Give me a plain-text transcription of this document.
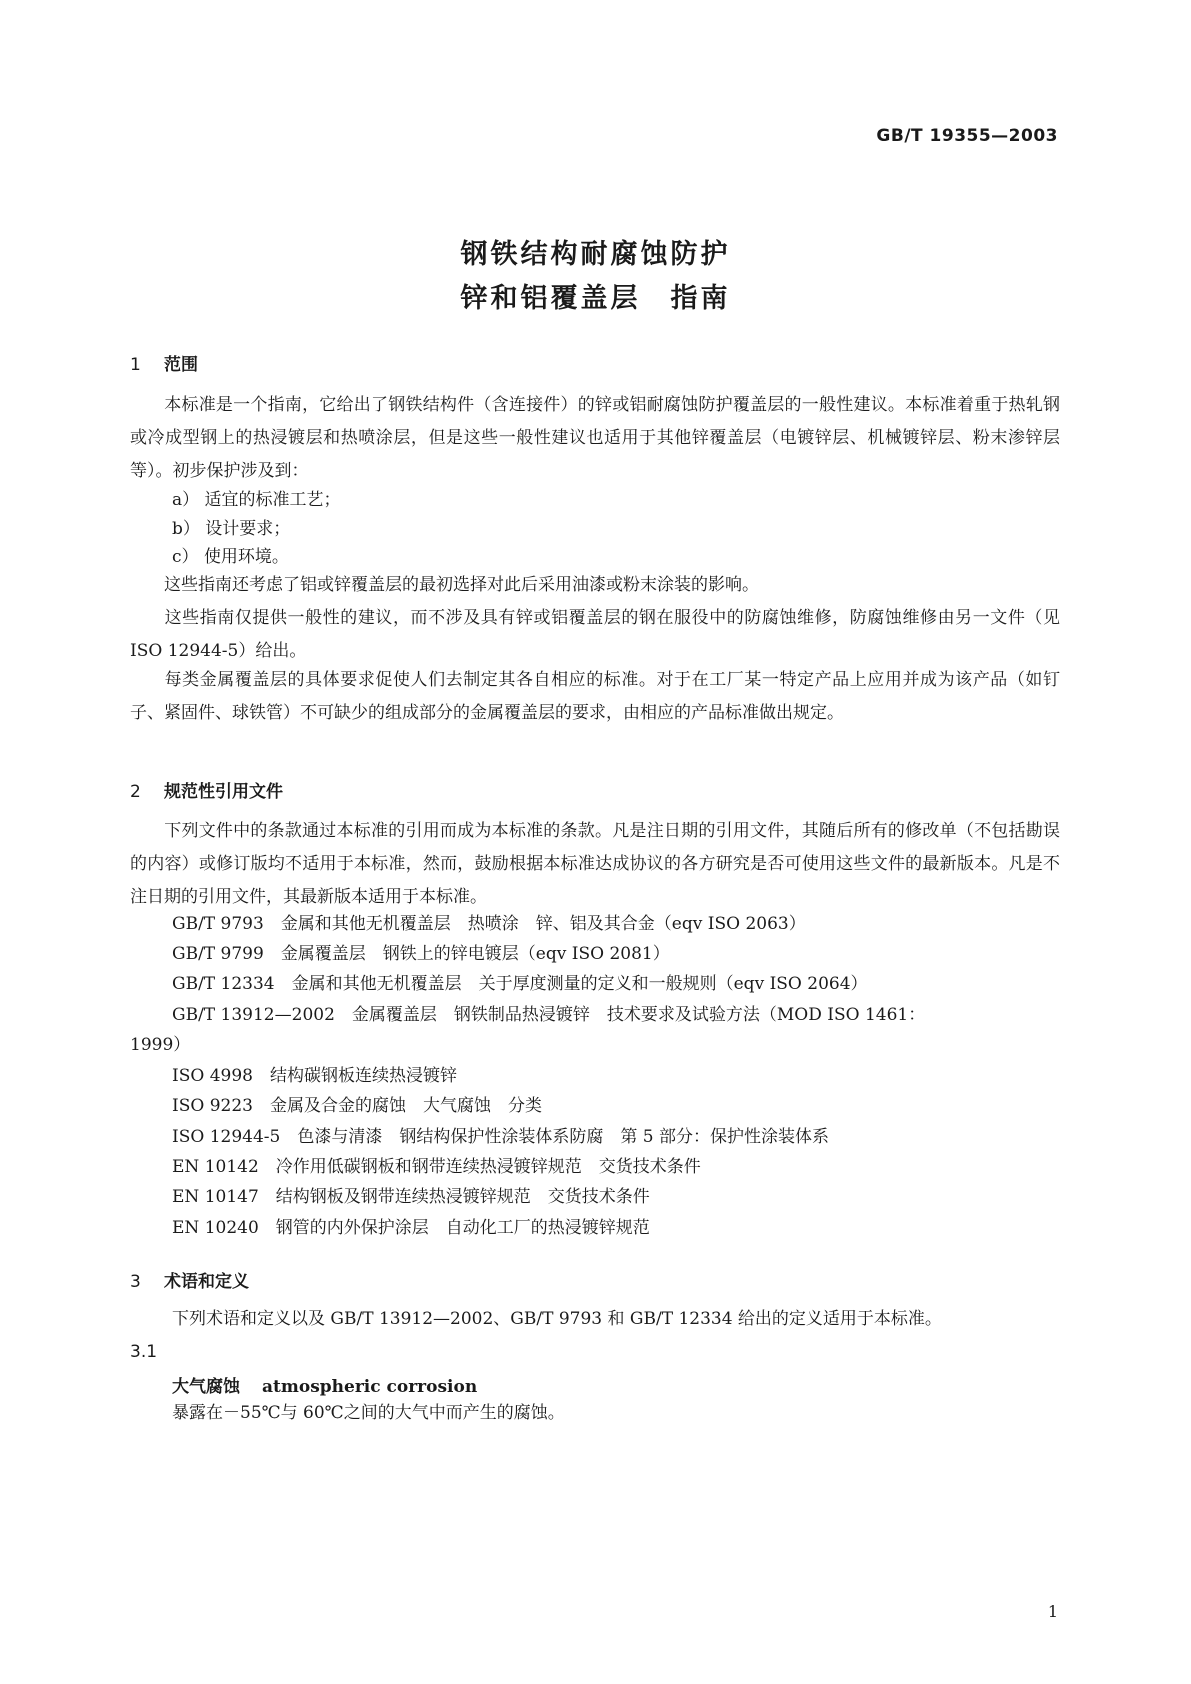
GB/T 19355—2003
钢铁结构耐腐蚀防护
锌和铝覆盖层　指南
1 范围
本标准是一个指南，它给出了钢铁结构件（含连接件）的锌或铝耐腐蚀防护覆盖层的一般性建议。本标准着重于热轧钢或冷成型钢上的热浸镀层和热喷涂层，但是这些一般性建议也适用于其他锌覆盖层（电镀锌层、机械镀锌层、粉末渗锌层等）。初步保护涉及到：
a） 适宜的标准工艺；
b） 设计要求；
c） 使用环境。
这些指南还考虑了铝或锌覆盖层的最初选择对此后采用油漆或粉末涂装的影响。
这些指南仅提供一般性的建议，而不涉及具有锌或铝覆盖层的钢在服役中的防腐蚀维修，防腐蚀维修由另一文件（见 ISO 12944-5）给出。
每类金属覆盖层的具体要求促使人们去制定其各自相应的标准。对于在工厂某一特定产品上应用并成为该产品（如钉子、紧固件、球铁管）不可缺少的组成部分的金属覆盖层的要求，由相应的产品标准做出规定。
2 规范性引用文件
下列文件中的条款通过本标准的引用而成为本标准的条款。凡是注日期的引用文件，其随后所有的修改单（不包括勘误的内容）或修订版均不适用于本标准，然而，鼓励根据本标准达成协议的各方研究是否可使用这些文件的最新版本。凡是不注日期的引用文件，其最新版本适用于本标准。
GB/T 9793　 金属和其他无机覆盖层　热喷涂　锌、铝及其合金（eqv ISO 2063）
GB/T 9799　 金属覆盖层　钢铁上的锌电镀层（eqv ISO 2081）
GB/T 12334　 金属和其他无机覆盖层　关于厚度测量的定义和一般规则（eqv ISO 2064）
GB/T 13912—2002　 金属覆盖层　钢铁制品热浸镀锌　技术要求及试验方法（MOD ISO 1461：
1999）
ISO 4998　 结构碳钢板连续热浸镀锌
ISO 9223　 金属及合金的腐蚀　大气腐蚀　分类
ISO 12944-5　 色漆与清漆　钢结构保护性涂装体系防腐　第 5 部分：保护性涂装体系
EN 10142　 冷作用低碳钢板和钢带连续热浸镀锌规范　交货技术条件
EN 10147　 结构钢板及钢带连续热浸镀锌规范　交货技术条件
EN 10240　 钢管的内外保护涂层　自动化工厂的热浸镀锌规范
3 术语和定义
下列术语和定义以及 GB/T 13912—2002、GB/T 9793 和 GB/T 12334 给出的定义适用于本标准。
3.1
大气腐蚀 atmospheric corrosion
暴露在－55℃与 60℃之间的大气中而产生的腐蚀。
1
